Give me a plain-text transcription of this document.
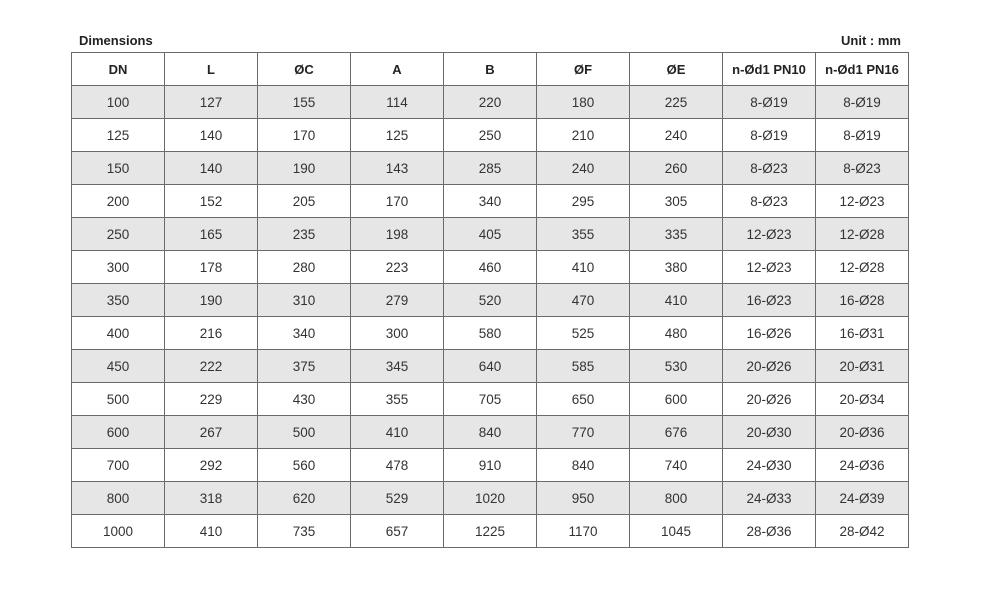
Dimensions	Unit : mm
DN	L	ØC	A	B	ØF	ØE	n-Ød1 PN10	n-Ød1 PN16
100	127	155	114	220	180	225	8-Ø19	8-Ø19
125	140	170	125	250	210	240	8-Ø19	8-Ø19
150	140	190	143	285	240	260	8-Ø23	8-Ø23
200	152	205	170	340	295	305	8-Ø23	12-Ø23
250	165	235	198	405	355	335	12-Ø23	12-Ø28
300	178	280	223	460	410	380	12-Ø23	12-Ø28
350	190	310	279	520	470	410	16-Ø23	16-Ø28
400	216	340	300	580	525	480	16-Ø26	16-Ø31
450	222	375	345	640	585	530	20-Ø26	20-Ø31
500	229	430	355	705	650	600	20-Ø26	20-Ø34
600	267	500	410	840	770	676	20-Ø30	20-Ø36
700	292	560	478	910	840	740	24-Ø30	24-Ø36
800	318	620	529	1020	950	800	24-Ø33	24-Ø39
1000	410	735	657	1225	1170	1045	28-Ø36	28-Ø42
